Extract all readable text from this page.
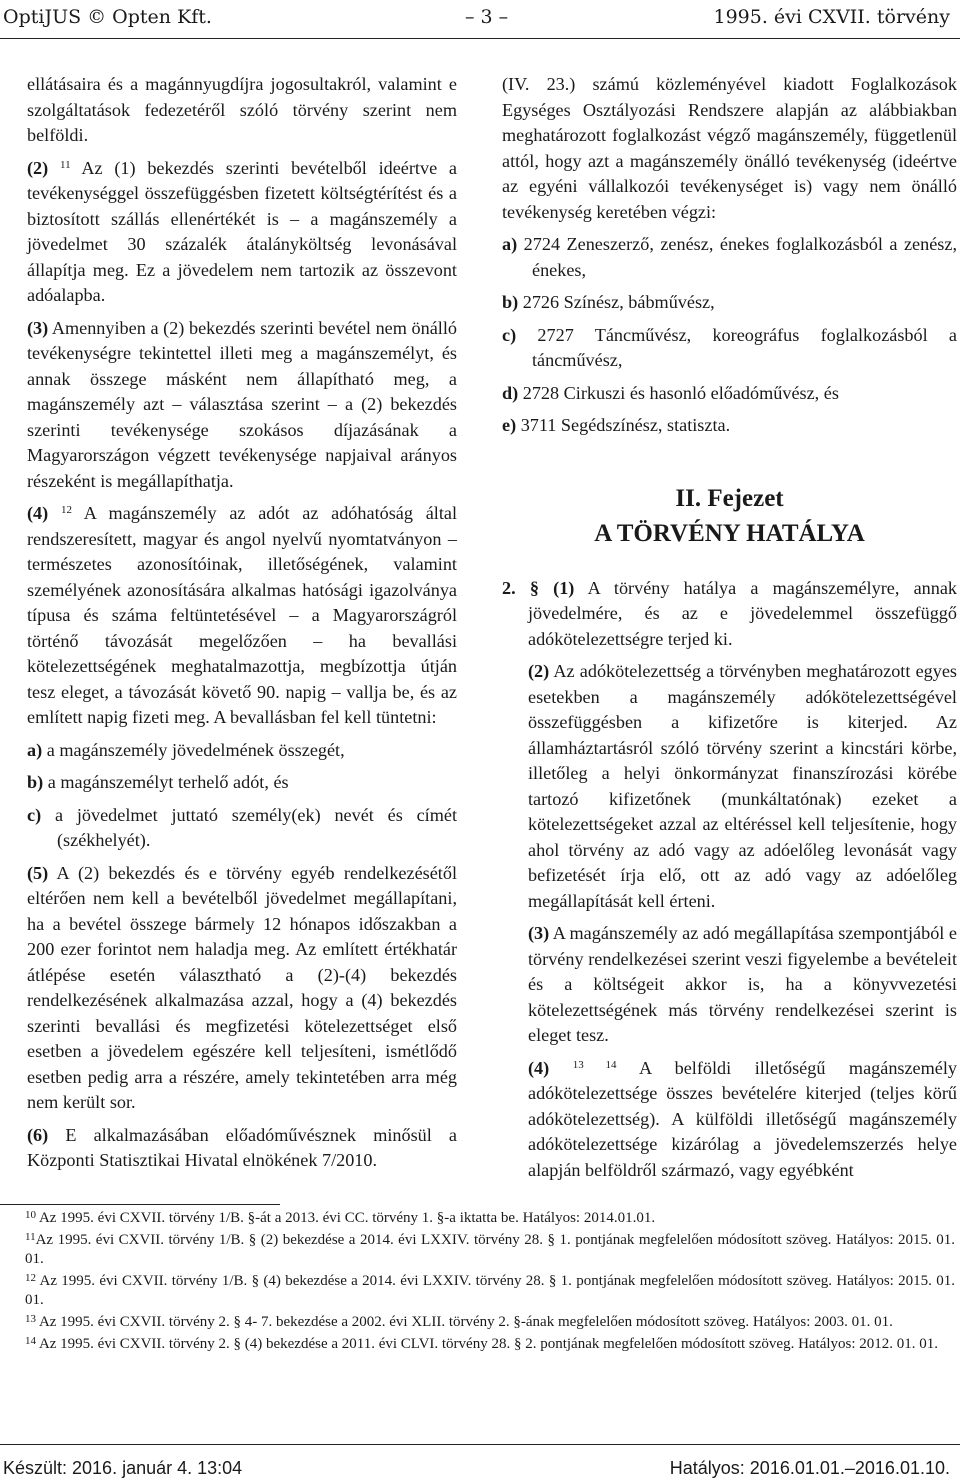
OptiJUS © Opten Kft.	– 3 –	1995. évi CXVII. törvény

ellátásaira és a magánnyugdíjra jogosultakról, valamint e szolgáltatások fedezetéről szóló törvény szerint nem belföldi.

(2) $^{11}$ Az (1) bekezdés szerinti bevételből ideértve a tevékenységgel összefüggésben fizetett költségtérítést és a biztosított szállás ellenértékét is – a magánszemély a jövedelmet 30 százalék átalányköltség levonásával állapítja meg. Ez a jövedelem nem tartozik az összevont adóalapba.

(3) Amennyiben a (2) bekezdés szerinti bevétel nem önálló tevékenységre tekintettel illeti meg a magánszemélyt, és annak összege másként nem állapítható meg, a magánszemély azt – választása szerint – a (2) bekezdés szerinti tevékenysége szokásos díjazásának a Magyarországon végzett tevékenysége napjaival arányos részeként is megállapíthatja.

(4) $^{12}$ A magánszemély az adót az adóhatóság által rendszeresített, magyar és angol nyelvű nyomtatványon – természetes azonosítóinak, illetőségének, valamint személyének azonosítására alkalmas hatósági igazolványa típusa és száma feltüntetésével – a Magyarországról történő távozását megelőzően – ha bevallási kötelezettségének meghatalmazottja, megbízottja útján tesz eleget, a távozását követő 90. napig – vallja be, és az említett napig fizeti meg. A bevallásban fel kell tüntetni:

a) a magánszemély jövedelmének összegét,
b) a magánszemélyt terhelő adót, és
c) a jövedelmet juttató személy(ek) nevét és címét (székhelyét).

(5) A (2) bekezdés és e törvény egyéb rendelkezésétől eltérően nem kell a bevételből jövedelmet megállapítani, ha a bevétel összege bármely 12 hónapos időszakban a 200 ezer forintot nem haladja meg. Az említett értékhatár átlépése esetén választható a (2)-(4) bekezdés rendelkezésének alkalmazása azzal, hogy a (4) bekezdés szerinti bevallási és megfizetési kötelezettséget első esetben a jövedelem egészére kell teljesíteni, ismétlődő esetben pedig arra a részére, amely tekintetében arra még nem került sor.

(6) E alkalmazásában előadóművésznek minősül a Központi Statisztikai Hivatal elnökének 7/2010.

(IV. 23.) számú közleményével kiadott Foglalkozások Egységes Osztályozási Rendszere alapján az alábbiakban meghatározott foglalkozást végző magánszemély, függetlenül attól, hogy azt a magánszemély önálló tevékenység (ideértve az egyéni vállalkozói tevékenységet is) vagy nem önálló tevékenység keretében végzi:

a) 2724 Zeneszerző, zenész, énekes foglalkozásból a zenész, énekes,
b) 2726 Színész, bábművész,
c) 2727 Táncművész, koreográfus foglalkozásból a táncművész,
d) 2728 Cirkuszi és hasonló előadóművész, és
e) 3711 Segédszínész, statiszta.
II. Fejezet
A TÖRVÉNY HATÁLYA

2. § (1) A törvény hatálya a magánszemélyre, annak jövedelmére, és az e jövedelemmel összefüggő adókötelezettségre terjed ki.

(2) Az adókötelezettség a törvényben meghatározott egyes esetekben a magánszemély adókötelezettségével összefüggésben a kifizetőre is kiterjed. Az államháztartásról szóló törvény szerint a kincstári körbe, illetőleg a helyi önkormányzat finanszírozási körébe tartozó kifizetőnek (munkáltatónak) ezeket a kötelezettségeket azzal az eltéréssel kell teljesítenie, hogy ahol törvény az adó vagy az adóelőleg levonását vagy befizetését írja elő, ott az adó vagy az adóelőleg megállapítását kell érteni.

(3) A magánszemély az adó megállapítása szempontjából e törvény rendelkezései szerint veszi figyelembe a bevételeit és a költségeit akkor is, ha a könyvvezetési kötelezettségének más törvény rendelkezései szerint is eleget tesz.

(4) $^{13 14}$ A belföldi illetőségű magánszemély adókötelezettsége összes bevételére kiterjed (teljes körű adókötelezettség). A külföldi illetőségű magánszemély adókötelezettsége kizárólag a jövedelemszerzés helye alapján belföldről származó, vagy egyébként

$^{10}$ Az 1995. évi CXVII. törvény 1/B. §-át a 2013. évi CC. törvény 1. §-a iktatta be. Hatályos: 2014.01.01.
$^{11}$Az 1995. évi CXVII. törvény 1/B. § (2) bekezdése a 2014. évi LXXIV. törvény 28. § 1. pontjának megfelelően módosított szöveg. Hatályos: 2015. 01. 01.
$^{12}$ Az 1995. évi CXVII. törvény 1/B. § (4) bekezdése a 2014. évi LXXIV. törvény 28. § 1. pontjának megfelelően módosított szöveg. Hatályos: 2015. 01. 01.
$^{13}$ Az 1995. évi CXVII. törvény 2. § 4- 7. bekezdése a 2002. évi XLII. törvény 2. §-ának megfelelően módosított szöveg. Hatályos: 2003. 01. 01.
$^{14}$ Az 1995. évi CXVII. törvény 2. § (4) bekezdése a 2011. évi CLVI. törvény 28. § 2. pontjának megfelelően módosított szöveg. Hatályos: 2012. 01. 01.
Készült: 2016. január 4. 13:04	Hatályos: 2016.01.01.–2016.01.10.
